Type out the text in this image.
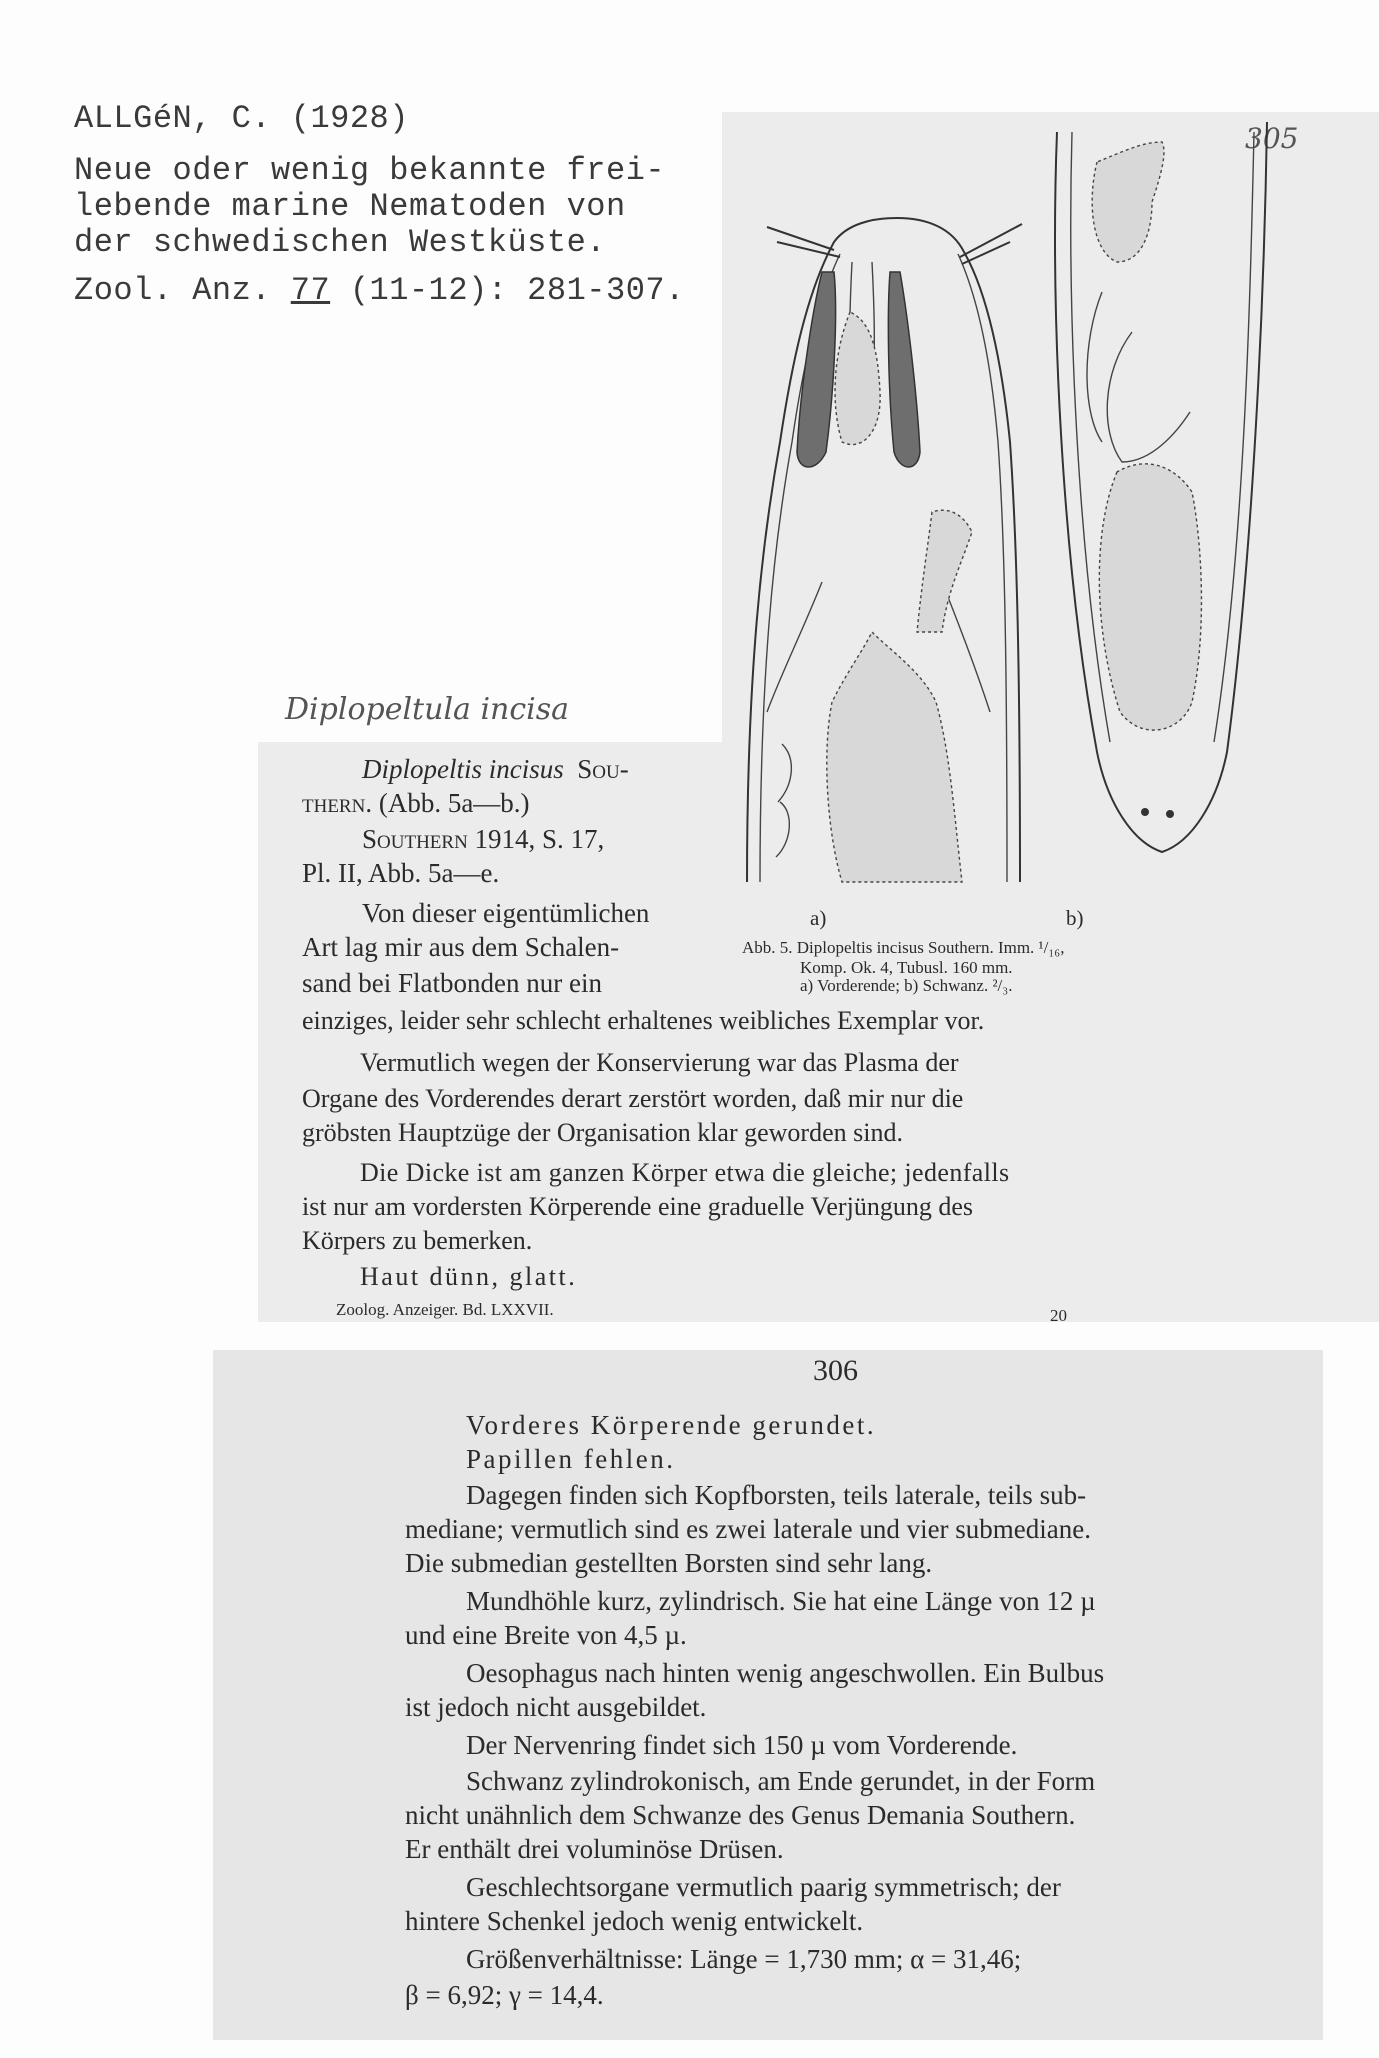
ALLGéN, C. (1928)
Neue oder wenig bekannte frei-
lebende marine Nematoden von
der schwedischen Westküste.
Zool. Anz. 77 (11-12): 281-307.
305
Diplopeltula incisa
a)	b)
Abb. 5. Diplopeltis incisus Southern. Imm. ¹/₁₆,
Komp. Ok. 4, Tubusl. 160 mm.
a) Vorderende; b) Schwanz. ²/₃.
Diplopeltis incisus Sou-
thern. (Abb. 5a—b.)
Southern 1914, S. 17,
Pl. II, Abb. 5a—e.
Von dieser eigentümlichen
Art lag mir aus dem Schalen-
sand bei Flatbonden nur ein
einziges, leider sehr schlecht erhaltenes weibliches Exemplar vor.
Vermutlich wegen der Konservierung war das Plasma der
Organe des Vorderendes derart zerstört worden, daß mir nur die
gröbsten Hauptzüge der Organisation klar geworden sind.
Die Dicke ist am ganzen Körper etwa die gleiche; jedenfalls
ist nur am vordersten Körperende eine graduelle Verjüngung des
Körpers zu bemerken.
Haut dünn, glatt.
Zoolog. Anzeiger. Bd. LXXVII.	20
306
Vorderes Körperende gerundet.
Papillen fehlen.
Dagegen finden sich Kopfborsten, teils laterale, teils sub-
mediane; vermutlich sind es zwei laterale und vier submediane.
Die submedian gestellten Borsten sind sehr lang.
Mundhöhle kurz, zylindrisch. Sie hat eine Länge von 12 µ
und eine Breite von 4,5 µ.
Oesophagus nach hinten wenig angeschwollen. Ein Bulbus
ist jedoch nicht ausgebildet.
Der Nervenring findet sich 150 µ vom Vorderende.
Schwanz zylindrokonisch, am Ende gerundet, in der Form
nicht unähnlich dem Schwanze des Genus Demania Southern.
Er enthält drei voluminöse Drüsen.
Geschlechtsorgane vermutlich paarig symmetrisch; der
hintere Schenkel jedoch wenig entwickelt.
Größenverhältnisse: Länge = 1,730 mm; α = 31,46;
β = 6,92; γ = 14,4.
